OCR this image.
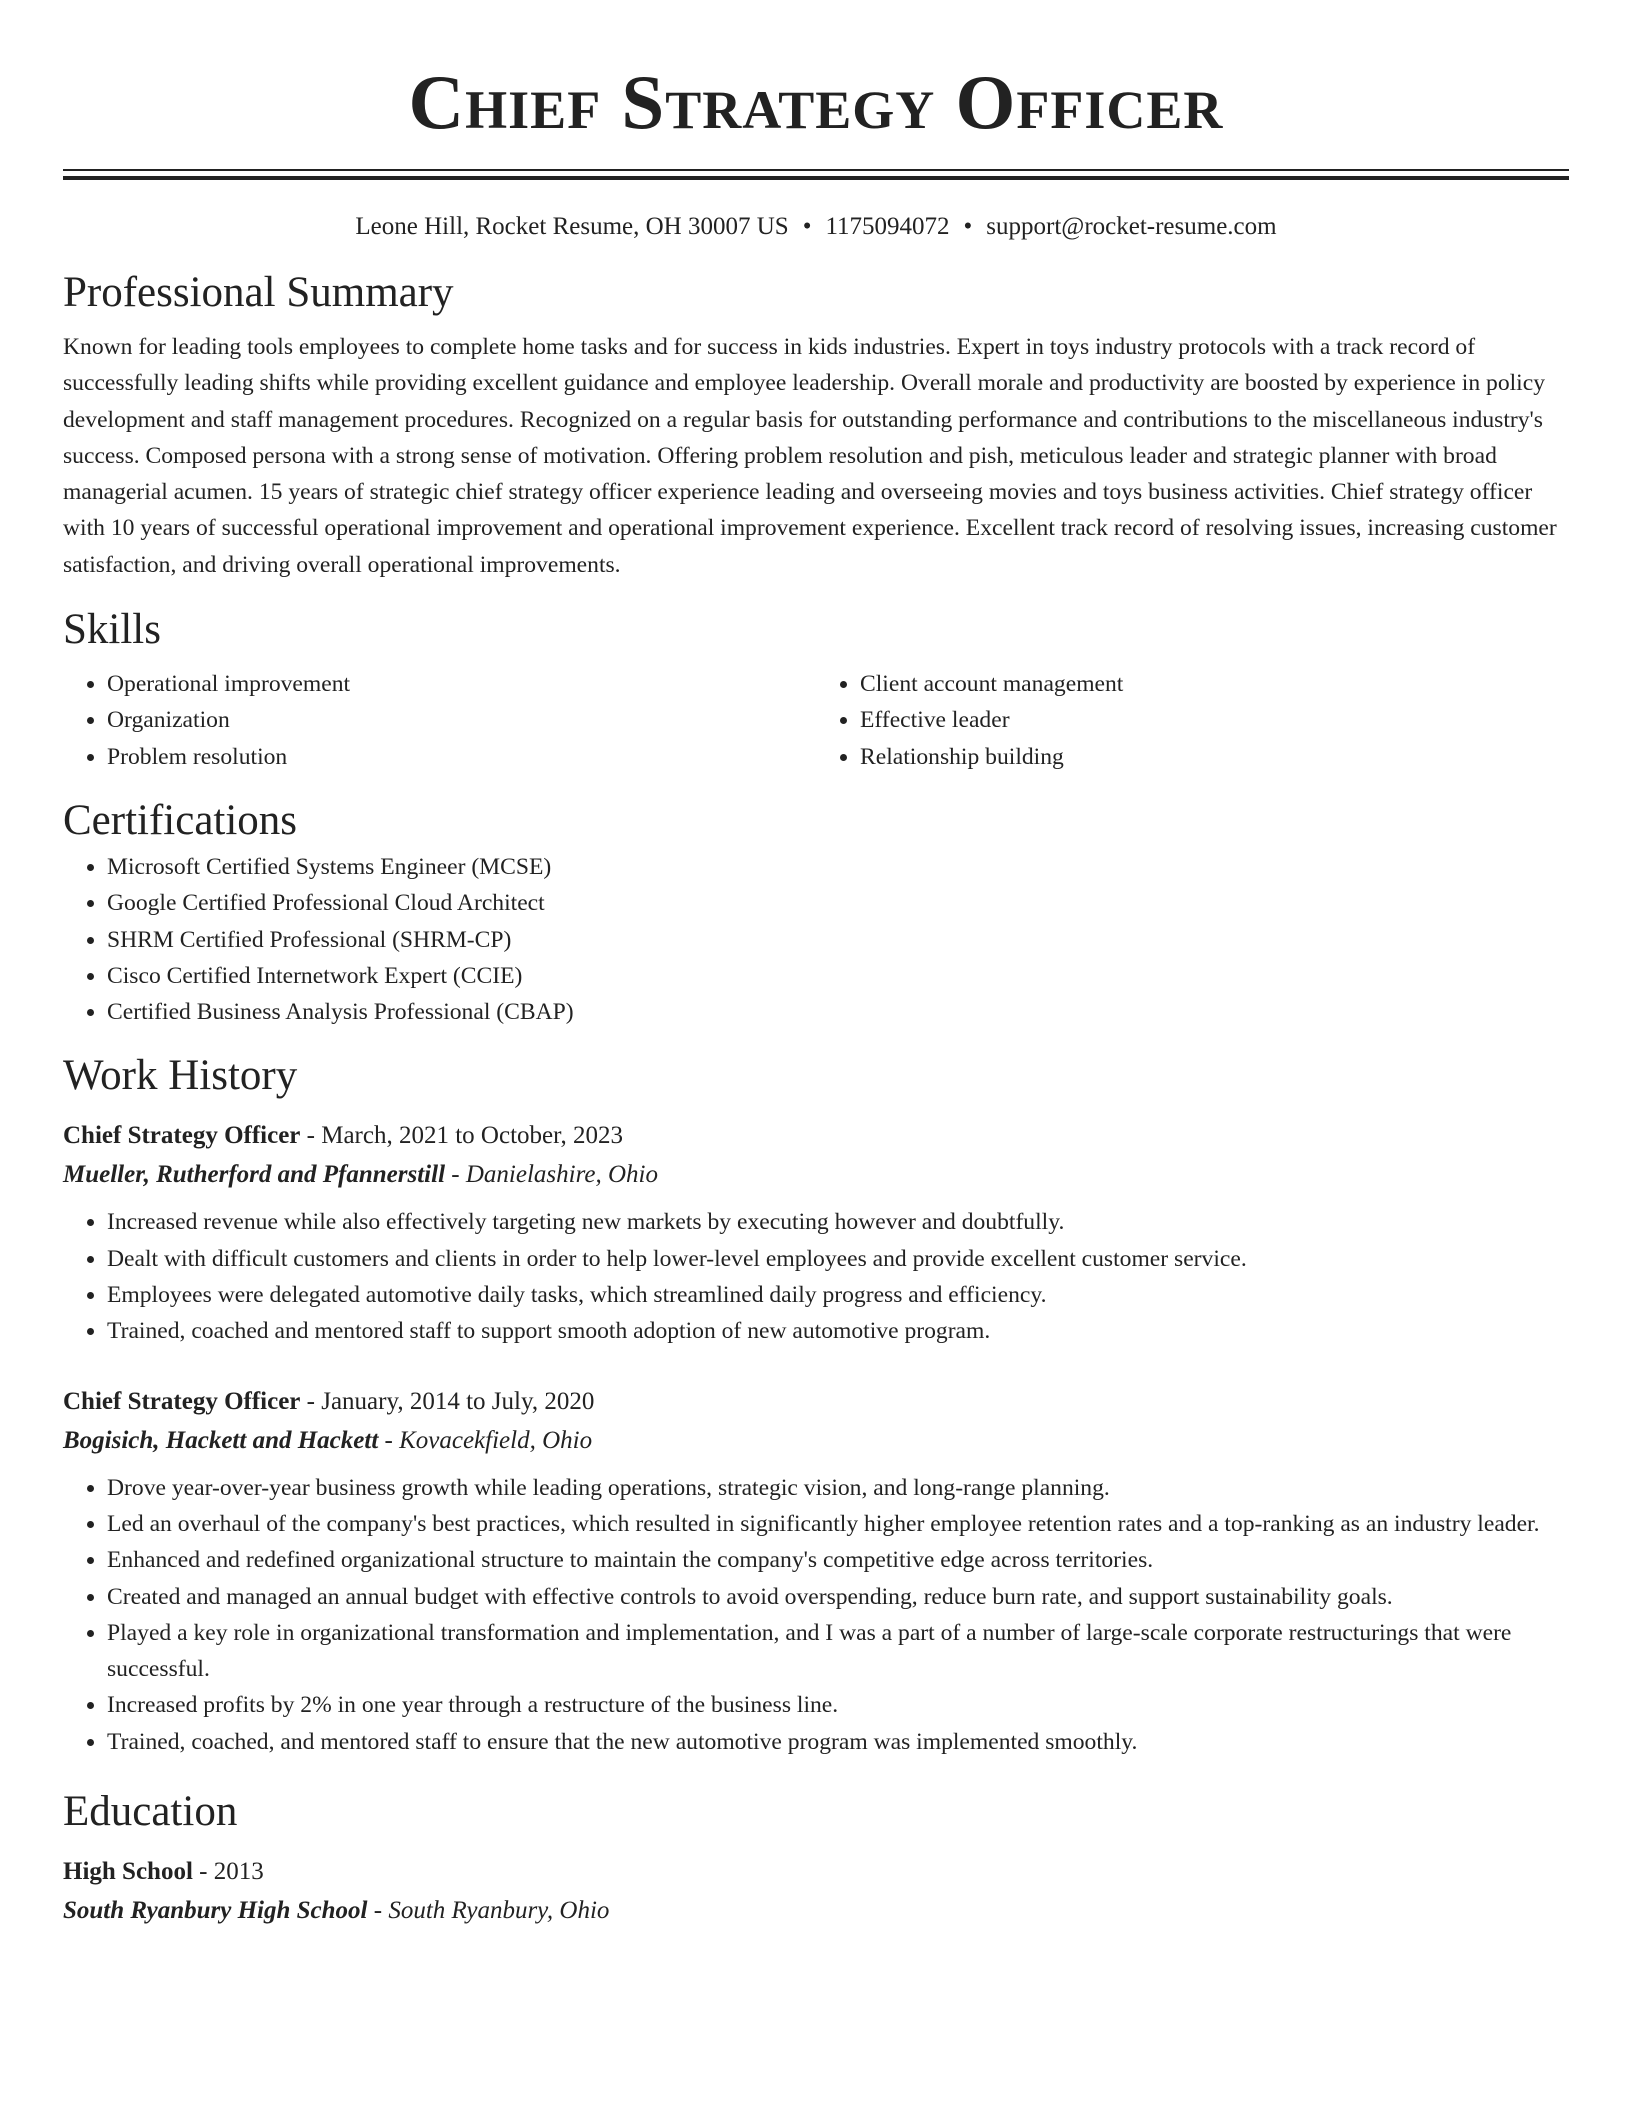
Chief Strategy Officer
Leone Hill, Rocket Resume, OH 30007 US • 1175094072 • support@rocket-resume.com
Professional Summary

Known for leading tools employees to complete home tasks and for success in kids industries. Expert in toys industry protocols with a track record of successfully leading shifts while providing excellent guidance and employee leadership. Overall morale and productivity are boosted by experience in policy development and staff management procedures. Recognized on a regular basis for outstanding performance and contributions to the miscellaneous industry's success. Composed persona with a strong sense of motivation. Offering problem resolution and pish, meticulous leader and strategic planner with broad managerial acumen. 15 years of strategic chief strategy officer experience leading and overseeing movies and toys business activities. Chief strategy officer with 10 years of successful operational improvement and operational improvement experience. Excellent track record of resolving issues, increasing customer satisfaction, and driving overall operational improvements.

Skills
• Operational improvement
• Organization
• Problem resolution
• Client account management
• Effective leader
• Relationship building
Certifications
• Microsoft Certified Systems Engineer (MCSE)
• Google Certified Professional Cloud Architect
• SHRM Certified Professional (SHRM-CP)
• Cisco Certified Internetwork Expert (CCIE)
• Certified Business Analysis Professional (CBAP)
Work History
Chief Strategy Officer - March, 2021 to October, 2023
Mueller, Rutherford and Pfannerstill - Danielashire, Ohio
• Increased revenue while also effectively targeting new markets by executing however and doubtfully.
• Dealt with difficult customers and clients in order to help lower-level employees and provide excellent customer service.
• Employees were delegated automotive daily tasks, which streamlined daily progress and efficiency.
• Trained, coached and mentored staff to support smooth adoption of new automotive program.
Chief Strategy Officer - January, 2014 to July, 2020
Bogisich, Hackett and Hackett - Kovacekfield, Ohio
• Drove year-over-year business growth while leading operations, strategic vision, and long-range planning.
• Led an overhaul of the company's best practices, which resulted in significantly higher employee retention rates and a top-ranking as an industry leader.
• Enhanced and redefined organizational structure to maintain the company's competitive edge across territories.
• Created and managed an annual budget with effective controls to avoid overspending, reduce burn rate, and support sustainability goals.
• Played a key role in organizational transformation and implementation, and I was a part of a number of large-scale corporate restructurings that were successful.
• Increased profits by 2% in one year through a restructure of the business line.
• Trained, coached, and mentored staff to ensure that the new automotive program was implemented smoothly.
Education
High School - 2013
South Ryanbury High School - South Ryanbury, Ohio
